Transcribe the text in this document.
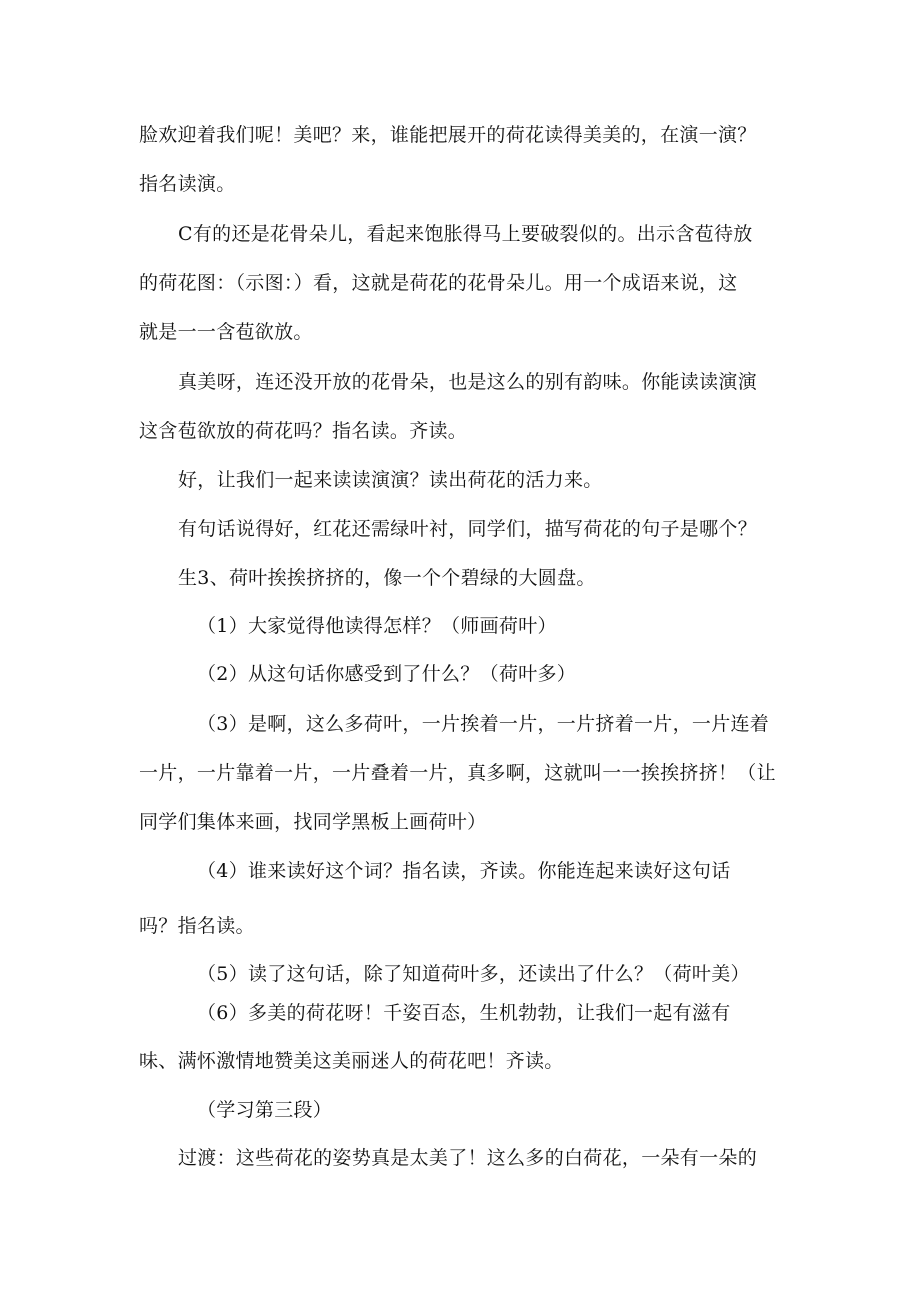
脸欢迎着我们呢！美吧？来，谁能把展开的荷花读得美美的，在演一演？
指名读演。
C有的还是花骨朵儿，看起来饱胀得马上要破裂似的。出示含苞待放
的荷花图：（示图：）看，这就是荷花的花骨朵儿。用一个成语来说，这
就是一一含苞欲放。
真美呀，连还没开放的花骨朵，也是这么的别有韵味。你能读读演演
这含苞欲放的荷花吗？指名读。齐读。
好，让我们一起来读读演演？读出荷花的活力来。
有句话说得好，红花还需绿叶衬，同学们，描写荷花的句子是哪个？
生3、荷叶挨挨挤挤的，像一个个碧绿的大圆盘。
（1）大家觉得他读得怎样？（师画荷叶）
（2）从这句话你感受到了什么？（荷叶多）
（3）是啊，这么多荷叶，一片挨着一片，一片挤着一片，一片连着
一片，一片靠着一片，一片叠着一片，真多啊，这就叫一一挨挨挤挤！（让
同学们集体来画，找同学黑板上画荷叶）
（4）谁来读好这个词？指名读，齐读。你能连起来读好这句话
吗？指名读。
（5）读了这句话，除了知道荷叶多，还读出了什么？（荷叶美）
（6）多美的荷花呀！千姿百态，生机勃勃，让我们一起有滋有
味、满怀激情地赞美这美丽迷人的荷花吧！齐读。
（学习第三段）
过渡：这些荷花的姿势真是太美了！这么多的白荷花，一朵有一朵的
